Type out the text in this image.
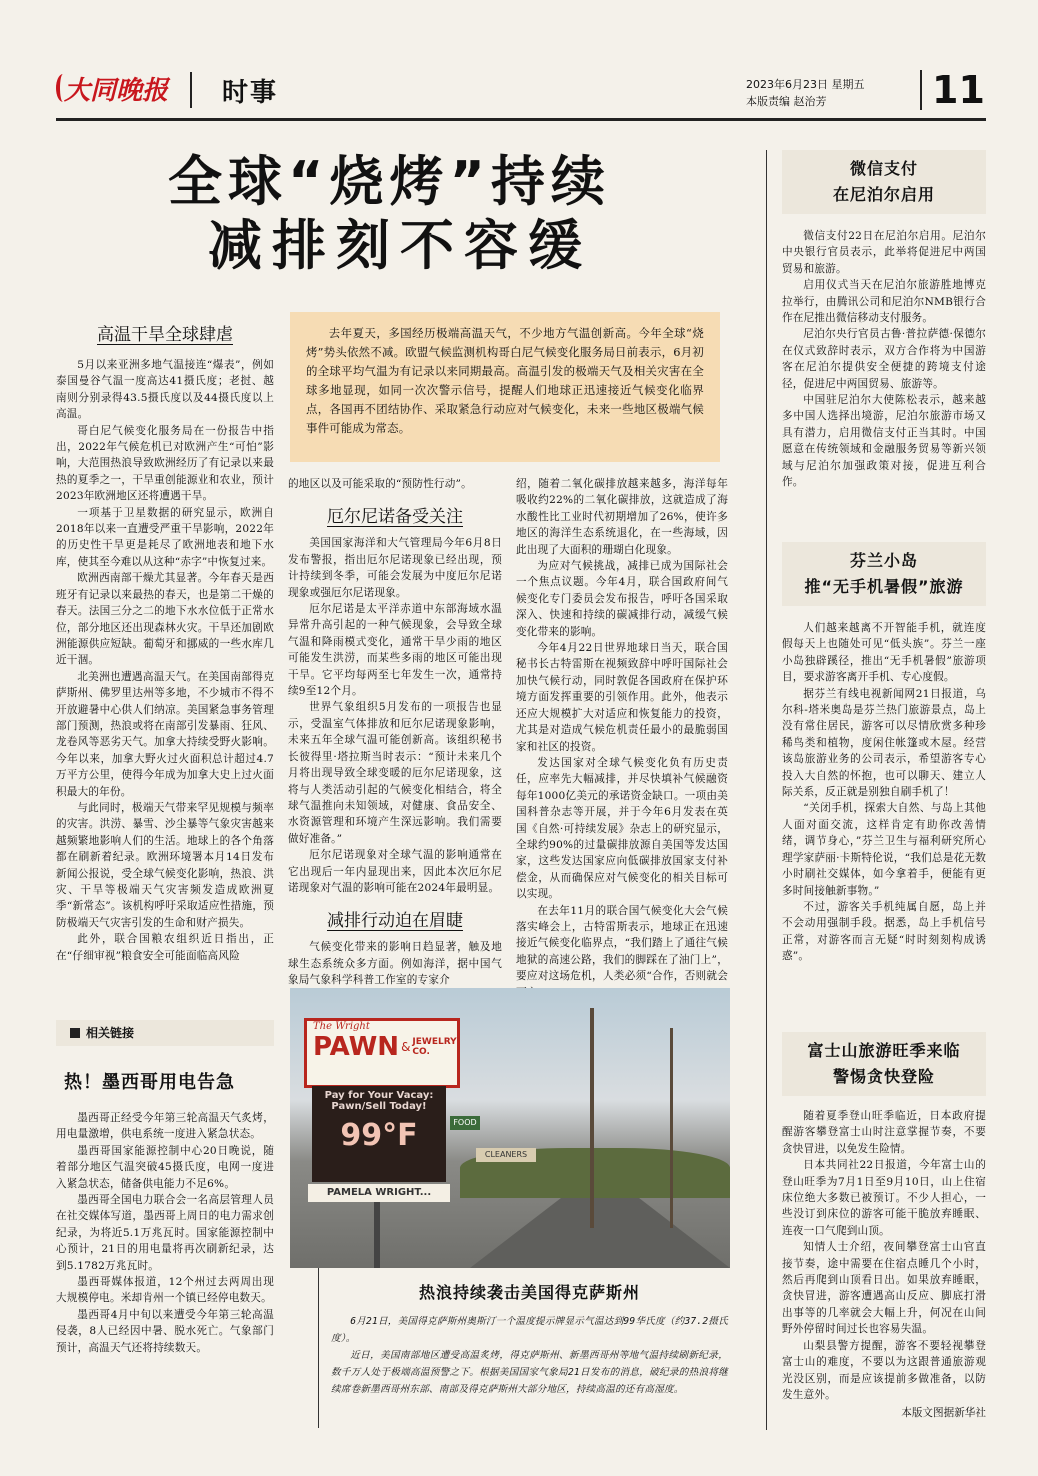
大同晚报 时事	2023年6月23日 星期五
本版责编 赵治芳	11
全球“烧烤”持续
减排刻不容缓

去年夏天，多国经历极端高温天气，不少地方气温创新高。今年全球“烧烤”势头依然不减。欧盟气候监测机构哥白尼气候变化服务局日前表示，6月初的全球平均气温为有记录以来同期最高。高温引发的极端天气及相关灾害在全球多地显现，如同一次次警示信号，提醒人们地球正迅速接近气候变化临界点，各国再不团结协作、采取紧急行动应对气候变化，未来一些地区极端气候事件可能成为常态。

高温干旱全球肆虐

5月以来亚洲多地气温接连“爆表”，例如泰国曼谷气温一度高达41摄氏度；老挝、越南则分别录得43.5摄氏度以及44摄氏度以上高温。

哥白尼气候变化服务局在一份报告中指出，2022年气候危机已对欧洲产生“可怕”影响，大范围热浪导致欧洲经历了有记录以来最热的夏季之一，干旱重创能源业和农业，预计2023年欧洲地区还将遭遇干旱。

一项基于卫星数据的研究显示，欧洲自2018年以来一直遭受严重干旱影响，2022年的历史性干旱更是耗尽了欧洲地表和地下水库，使其至今难以从这种“赤字”中恢复过来。

欧洲西南部干燥尤其显著。今年春天是西班牙有记录以来最热的春天，也是第二干燥的春天。法国三分之二的地下水水位低于正常水位，部分地区还出现森林火灾。干旱还加剧欧洲能源供应短缺。葡萄牙和挪威的一些水库几近干涸。

北美洲也遭遇高温天气。在美国南部得克萨斯州、佛罗里达州等多地，不少城市不得不开放避暑中心供人们纳凉。美国紧急事务管理部门预测，热浪或将在南部引发暴雨、狂风、龙卷风等恶劣天气。加拿大持续受野火影响。今年以来，加拿大野火过火面积总计超过4.7万平方公里，使得今年成为加拿大史上过火面积最大的年份。

与此同时，极端天气带来罕见规模与频率的灾害。洪涝、暴雪、沙尘暴等气象灾害越来越频繁地影响人们的生活。地球上的各个角落都在刷新着纪录。欧洲环境署本月14日发布新闻公报说，受全球气候变化影响，热浪、洪灾、干旱等极端天气灾害频发造成欧洲夏季“新常态”。该机构呼吁采取适应性措施，预防极端天气灾害引发的生命和财产损失。

此外，联合国粮农组织近日指出，正在“仔细审视”粮食安全可能面临高风险

的地区以及可能采取的“预防性行动”。

厄尔尼诺备受关注

美国国家海洋和大气管理局今年6月8日发布警报，指出厄尔尼诺现象已经出现，预计持续到冬季，可能会发展为中度厄尔尼诺现象或强厄尔尼诺现象。

厄尔尼诺是太平洋赤道中东部海域水温异常升高引起的一种气候现象，会导致全球气温和降雨模式变化，通常干旱少雨的地区可能发生洪涝，而某些多雨的地区可能出现干旱。它平均每两至七年发生一次，通常持续9至12个月。

世界气象组织5月发布的一项报告也显示，受温室气体排放和厄尔尼诺现象影响，未来五年全球气温可能创新高。该组织秘书长彼得里·塔拉斯当时表示：“预计未来几个月将出现导致全球变暖的厄尔尼诺现象，这将与人类活动引起的气候变化相结合，将全球气温推向未知领域，对健康、食品安全、水资源管理和环境产生深远影响。我们需要做好准备。”

厄尔尼诺现象对全球气温的影响通常在它出现后一年内显现出来，因此本次厄尔尼诺现象对气温的影响可能在2024年最明显。

减排行动迫在眉睫

气候变化带来的影响日趋显著，触及地球生态系统众多方面。例如海洋，据中国气象局气象科学科普工作室的专家介

绍，随着二氧化碳排放越来越多，海洋每年吸收约22%的二氧化碳排放，这就造成了海水酸性比工业时代初期增加了26%，使许多地区的海洋生态系统退化，在一些海域，因此出现了大面积的珊瑚白化现象。

为应对气候挑战，减排已成为国际社会一个焦点议题。今年4月，联合国政府间气候变化专门委员会发布报告，呼吁各国采取深入、快速和持续的碳减排行动，减缓气候变化带来的影响。

今年4月22日世界地球日当天，联合国秘书长古特雷斯在视频致辞中呼吁国际社会加快气候行动，同时敦促各国政府在保护环境方面发挥重要的引领作用。此外，他表示还应大规模扩大对适应和恢复能力的投资，尤其是对造成气候危机责任最小的最脆弱国家和社区的投资。

发达国家对全球气候变化负有历史责任，应率先大幅减排，并尽快填补气候融资每年1000亿美元的承诺资金缺口。一项由美国科普杂志等开展，并于今年6月发表在英国《自然·可持续发展》杂志上的研究显示，全球约90%的过量碳排放源自美国等发达国家，这些发达国家应向低碳排放国家支付补偿金，从而确保应对气候变化的相关目标可以实现。

在去年11月的联合国气候变化大会气候落实峰会上，古特雷斯表示，地球正在迅速接近气候变化临界点，“我们踏上了通往气候地狱的高速公路，我们的脚踩在了油门上”，要应对这场危机，人类必须“合作，否则就会

微信支付
在尼泊尔启用

微信支付22日在尼泊尔启用。尼泊尔中央银行官员表示，此举将促进尼中两国贸易和旅游。

启用仪式当天在尼泊尔旅游胜地博克拉举行，由腾讯公司和尼泊尔NMB银行合作在尼推出微信移动支付服务。

尼泊尔央行官员古鲁·普拉萨德·保德尔在仪式致辞时表示，双方合作将为中国游客在尼泊尔提供安全便捷的跨境支付途径，促进尼中两国贸易、旅游等。

中国驻尼泊尔大使陈松表示，越来越多中国人选择出境游，尼泊尔旅游市场又具有潜力，启用微信支付正当其时。中国愿意在传统领域和金融服务贸易等新兴领域与尼泊尔加强政策对接，促进互利合作。

芬兰小岛
推“无手机暑假”旅游

人们越来越离不开智能手机，就连度假每天上也随处可见“低头族”。芬兰一座小岛独辟蹊径，推出“无手机暑假”旅游项目，要求游客离开手机、专心度假。

据芬兰有线电视新闻网21日报道，乌尔科-塔米奥岛是芬兰热门旅游景点，岛上没有常住居民，游客可以尽情欣赏多种珍稀鸟类和植物，度闲住帐篷或木屋。经营该岛旅游业务的公司表示，希望游客专心投入大自然的怀抱，也可以聊天、建立人际关系，反正就是别独自刷手机了！

“关闭手机，探索大自然、与岛上其他人面对面交流，这样肯定有助你改善情绪，调节身心，”芬兰卫生与福利研究所心理学家萨丽·卡斯特伦说，“我们总是花无数小时刷社交媒体，如今拿着手，便能有更多时间接触新事物。”

不过，游客关手机纯属自愿，岛上并不会动用强制手段。据悉，岛上手机信号正常，对游客而言无疑“时时刻刻构成诱惑”。

富士山旅游旺季来临
警惕贪快登险

随着夏季登山旺季临近，日本政府提醒游客攀登富士山时注意掌握节奏，不要贪快冒进，以免发生险情。

日本共同社22日报道，今年富士山的登山旺季为7月1日至9月10日，山上住宿床位绝大多数已被预订。不少人担心，一些没订到床位的游客可能干脆放弃睡眠、连夜一口气爬到山顶。

知情人士介绍，夜间攀登富士山官直接节奏，途中需要在住宿点睡几个小时，然后再爬到山顶看日出。如果放弃睡眠，贪快冒进，游客遭遇高山反应、脚底打滑出事等的几率就会大幅上升，何况在山间野外停留时间过长也容易失温。

山梨县警方提醒，游客不要轻视攀登富士山的难度，不要以为这跟普通旅游观光没区别，而是应该提前多做准备，以防发生意外。

本版文图据新华社
相关链接
热！墨西哥用电告急

墨西哥正经受今年第三轮高温天气炙烤，用电量激增，供电系统一度进入紧急状态。

墨西哥国家能源控制中心20日晚说，随着部分地区气温突破45摄氏度，电网一度进入紧急状态，储备供电能力不足6%。

墨西哥全国电力联合会一名高层管理人员在社交媒体写道，墨西哥上周日的电力需求创纪录，为将近5.1万兆瓦时。国家能源控制中心预计，21日的用电量将再次刷新纪录，达到5.1782万兆瓦时。

墨西哥媒体报道，12个州过去两周出现大规模停电。米却肯州一个镇已经停电数天。

墨西哥4月中旬以来遭受今年第三轮高温侵袭，8人已经因中暑、脱水死亡。气象部门预计，高温天气还将持续数天。

The Wright
PAWN & JEWELRY CO.
Pay for Your Vacay:
Pawn/Sell Today!
99°F
PAMELA WRIGHT...
FOOD
CLEANERS
热浪持续袭击美国得克萨斯州

6月21日，美国得克萨斯州奥斯汀一个温度提示牌显示气温达到99华氏度（约37.2摄氏度）。

近日，美国南部地区遭受高温炙烤，得克萨斯州、新墨西哥州等地气温持续刷新纪录，数千万人处于极端高温预警之下。根据美国国家气象局21日发布的消息，破纪录的热浪将继续席卷新墨西哥州东部、南部及得克萨斯州大部分地区，持续高温的还有高湿度。
